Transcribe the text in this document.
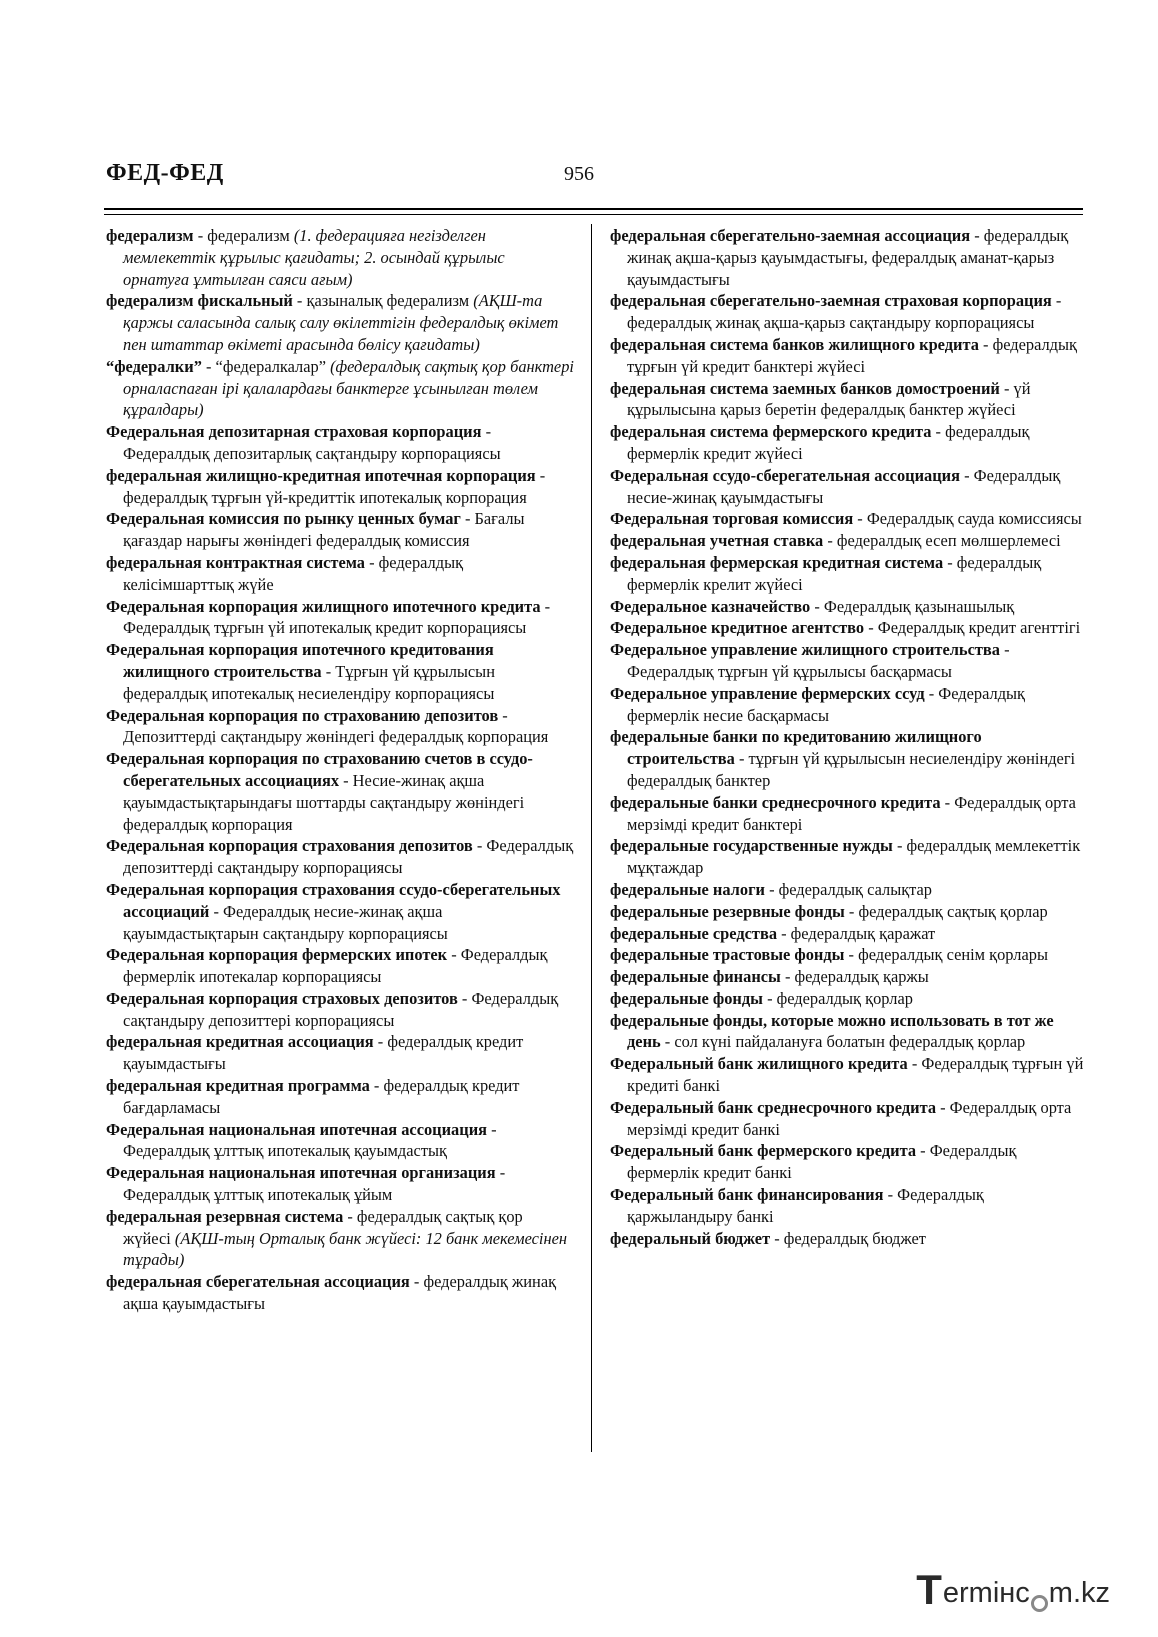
ФЕД-ФЕД	956

федерализм - федерализм (1. федерацияға негізделген мемлекеттік құрылыс қағидаты; 2. осындай құрылыс орнатуға ұмтылған саяси ағым)

федерализм фискальный - қазыналық федерализм (АҚШ-та қаржы саласында салық салу өкілеттігін федералдық өкімет пен штаттар өкіметі арасында бөлісу қағидаты)

“федералки” - “федералкалар” (федералдық сақтық қор банктері орналаспаған ірі қалалардағы банктерге ұсынылған төлем құралдары)

Федеральная депозитарная страховая корпорация - Федералдық депозитарлық сақтандыру корпорациясы

федеральная жилищно-кредитная ипотечная корпорация - федералдық тұрғын үй-кредиттік ипотекалық корпорация

Федеральная комиссия по рынку ценных бумаг - Бағалы қағаздар нарығы жөніндегі федералдық комиссия

федеральная контрактная система - федералдық келісімшарттық жүйе

Федеральная корпорация жилищного ипотечного кредита - Федералдық тұрғын үй ипотекалық кредит корпорациясы

Федеральная корпорация ипотечного кредитования жилищного строительства - Тұрғын үй құрылысын федералдық ипотекалық несиелендіру корпорациясы

Федеральная корпорация по страхованию депозитов - Депозиттерді сақтандыру жөніндегі федералдық корпорация

Федеральная корпорация по страхованию счетов в ссудо-сберегательных ассоциациях - Несие-жинақ ақша қауымдастықтарындағы шоттарды сақтандыру жөніндегі федералдық корпорация

Федеральная корпорация страхования депозитов - Федералдық депозиттерді сақтандыру корпорациясы

Федеральная корпорация страхования ссудо-сберегательных ассоциаций - Федералдық несие-жинақ ақша қауымдастықтарын сақтандыру корпорациясы

Федеральная корпорация фермерских ипотек - Федералдық фермерлік ипотекалар корпорациясы

Федеральная корпорация страховых депозитов - Федералдық сақтандыру депозиттері корпорациясы

федеральная кредитная ассоциация - федералдық кредит қауымдастығы

федеральная кредитная программа - федералдық кредит бағдарламасы

Федеральная национальная ипотечная ассоциация - Федералдық ұлттық ипотекалық қауымдастық

Федеральная национальная ипотечная организация - Федералдық ұлттық ипотекалық ұйым

федеральная резервная система - федералдық сақтық қор жүйесі (АҚШ-тың Орталық банк жүйесі: 12 банк мекемесінен тұрады)

федеральная сберегательная ассоциация - федералдық жинақ ақша қауымдастығы

федеральная сберегательно-заемная ассоциация - федералдық жинақ ақша-қарыз қауымдастығы, федералдық аманат-қарыз қауымдастығы

федеральная сберегательно-заемная страховая корпорация - федералдық жинақ ақша-қарыз сақтандыру корпорациясы

федеральная система банков жилищного кредита - федералдық тұрғын үй кредит банктері жүйесі

федеральная система заемных банков домостроений - үй құрылысына қарыз беретін федералдық банктер жүйесі

федеральная система фермерского кредита - федералдық фермерлік кредит жүйесі

Федеральная ссудо-сберегательная ассоциация - Федералдық несие-жинақ қауымдастығы

Федеральная торговая комиссия - Федералдық сауда комиссиясы

федеральная учетная ставка - федералдық есеп мөлшерлемесі

федеральная фермерская кредитная система - федералдық фермерлік крелит жүйесі

Федеральное казначейство - Федералдық қазынашылық

Федеральное кредитное агентство - Федералдық кредит агенттігі

Федеральное управление жилищного строительства - Федералдық тұрғын үй құрылысы басқармасы

Федеральное управление фермерских ссуд - Федералдық фермерлік несие басқармасы

федеральные банки по кредитованию жилищного строительства - тұрғын үй құрылысын несиелендіру жөніндегі федералдық банктер

федеральные банки среднесрочного кредита - Федералдық орта мерзімді кредит банктері

федеральные государственные нужды - федералдық мемлекеттік мұқтаждар

федеральные налоги - федералдық салықтар

федеральные резервные фонды - федералдық сақтық қорлар

федеральные средства - федералдық қаражат

федеральные трастовые фонды - федералдық сенім қорлары

федеральные финансы - федералдық қаржы

федеральные фонды - федералдық қорлар

федеральные фонды, которые можно использовать в тот же день - сол күні пайдалануға болатын федералдық қорлар

Федеральный банк жилищного кредита - Федералдық тұрғын үй кредиті банкі

Федеральный банк среднесрочного кредита - Федералдық орта мерзімді кредит банкі

Федеральный банк фермерского кредита - Федералдық фермерлік кредит банкі

Федеральный банк финансирования - Федералдық қаржыландыру банкі

федеральный бюджет - федералдық бюджет

T ermінc m.kz
